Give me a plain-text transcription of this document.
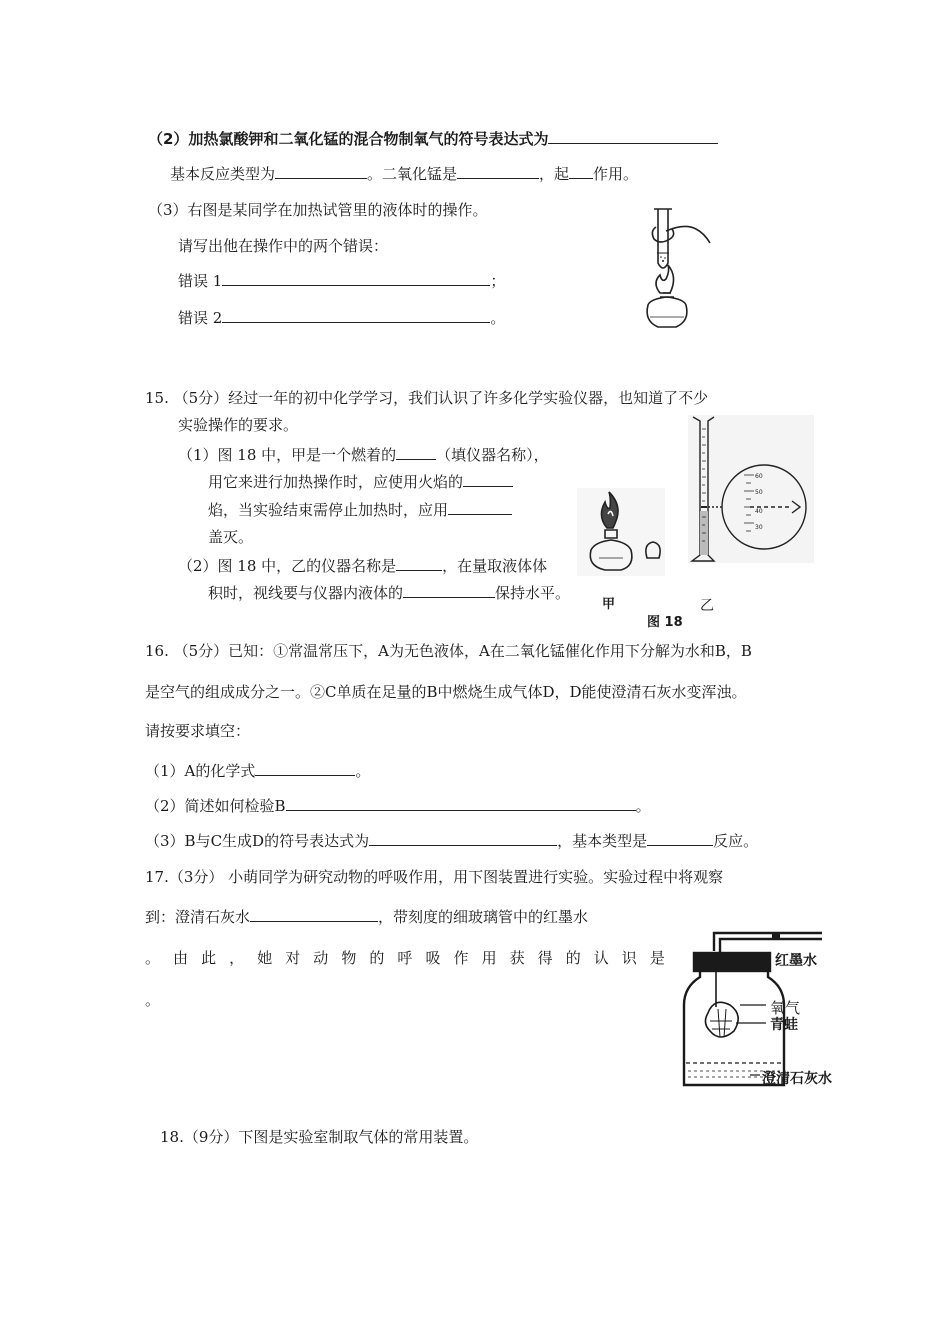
（2）加热氯酸钾和二氧化锰的混合物制氧气的符号表达式为
基本反应类型为	。二氧化锰是	，起 作用。
（3）右图是某同学在加热试管里的液体时的操作。
请写出他在操作中的两个错误：
错误 1	；
错误 2	。
15. （5分）经过一年的初中化学学习，我们认识了许多化学实验仪器，也知道了不少
实验操作的要求。
（1）图 18 中，甲是一个燃着的	（填仪器名称），
用它来进行加热操作时，应使用火焰的
焰，当实验结束需停止加热时，应用
盖灭。
（2）图 18 中，乙的仪器名称是	，在量取液体体
积时，视线要与仪器内液体的	保持水平。
60
50
40
30
甲	乙
图 18
16. （5分）已知：①常温常压下，A为无色液体，A在二氧化锰催化作用下分解为水和B，B
是空气的组成成分之一。②C单质在足量的B中燃烧生成气体D，D能使澄清石灰水变浑浊。
请按要求填空：
（1）A的化学式	。
（2）简述如何检验B	。
（3）B与C生成D的符号表达式为	，基本类型是	反应。
17.（3分） 小萌同学为研究动物的呼吸作用，用下图装置进行实验。实验过程中将观察
到：澄清石灰水	，带刻度的细玻璃管中的红墨水
。 由 此 ， 她 对 动 物 的 呼 吸 作 用 获 得 的 认 识 是
。
红墨水
氧气
青蛙
澄清石灰水
18.（9分）下图是实验室制取气体的常用装置。
